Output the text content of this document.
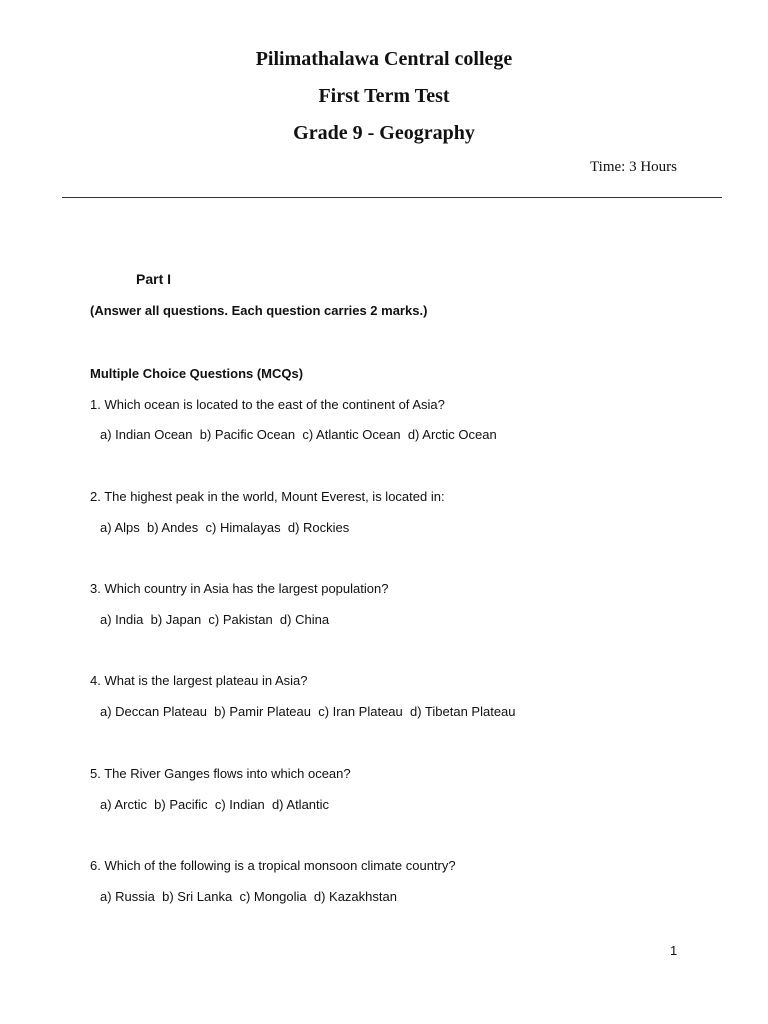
Pilimathalawa Central college
First Term Test
Grade 9 - Geography
Time: 3 Hours
Part I
(Answer all questions. Each question carries 2 marks.)
Multiple Choice Questions (MCQs)
1. Which ocean is located to the east of the continent of Asia?
a) Indian Ocean  b) Pacific Ocean  c) Atlantic Ocean  d) Arctic Ocean
2. The highest peak in the world, Mount Everest, is located in:
a) Alps  b) Andes  c) Himalayas  d) Rockies
3. Which country in Asia has the largest population?
a) India  b) Japan  c) Pakistan  d) China
4. What is the largest plateau in Asia?
a) Deccan Plateau  b) Pamir Plateau  c) Iran Plateau  d) Tibetan Plateau
5. The River Ganges flows into which ocean?
a) Arctic  b) Pacific  c) Indian  d) Atlantic
6. Which of the following is a tropical monsoon climate country?
a) Russia  b) Sri Lanka  c) Mongolia  d) Kazakhstan
1
